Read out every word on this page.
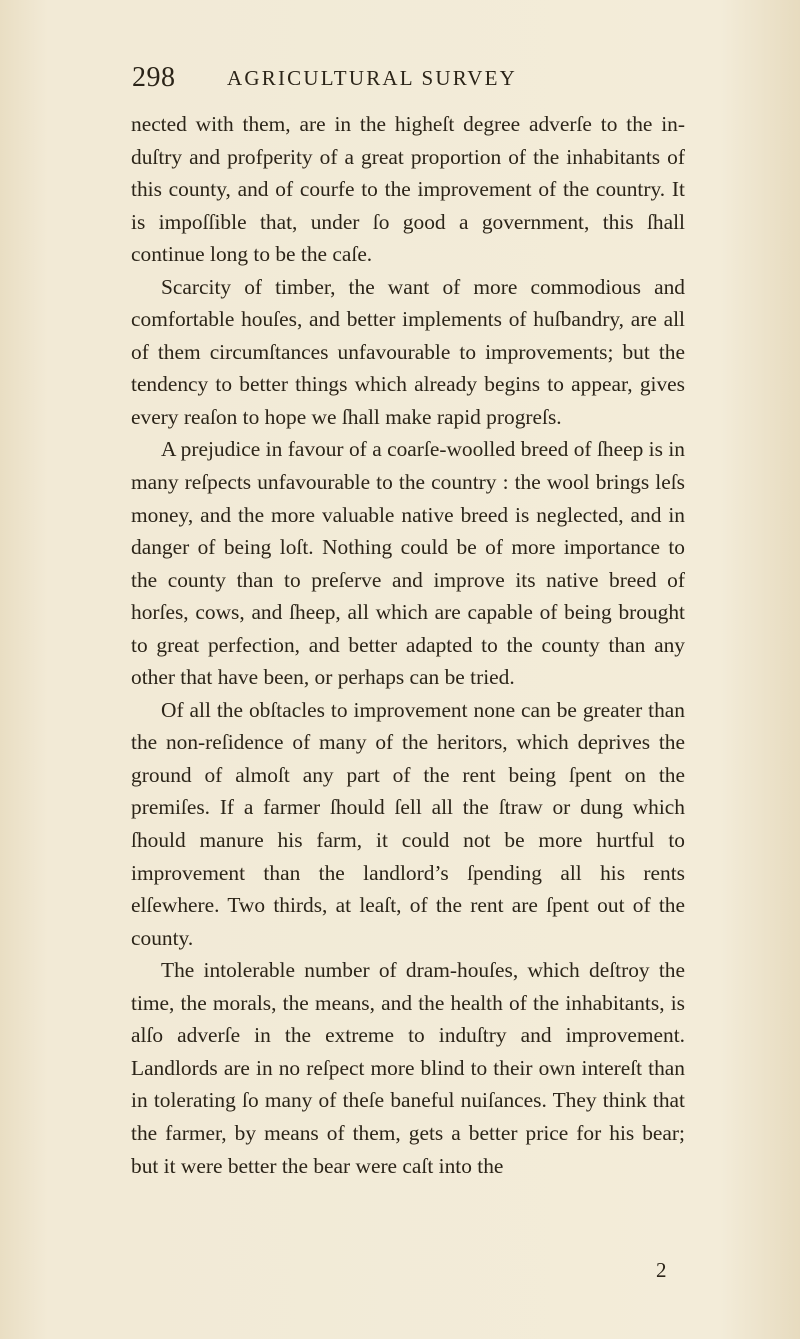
298 AGRICULTURAL SURVEY

nected with them, are in the higheſt degree adverſe to the induſtry and profperity of a great proportion of the inhabitants of this county, and of courfe to the improvement of the country. It is impoſſible that, under ſo good a government, this ſhall continue long to be the caſe.

Scarcity of timber, the want of more commodious and comfortable houſes, and better implements of huſbandry, are all of them circumſtances unfavourable to improvements; but the tendency to better things which already begins to appear, gives every reaſon to hope we ſhall make rapid progreſs.

A prejudice in favour of a coarſe-woolled breed of ſheep is in many reſpects unfavourable to the country : the wool brings leſs money, and the more valuable native breed is neglected, and in danger of being loſt. Nothing could be of more importance to the county than to preſerve and improve its native breed of horſes, cows, and ſheep, all which are capable of being brought to great perfection, and better adapted to the county than any other that have been, or perhaps can be tried.

Of all the obſtacles to improvement none can be greater than the non-reſidence of many of the heritors, which deprives the ground of almoſt any part of the rent being ſpent on the premiſes. If a farmer ſhould ſell all the ſtraw or dung which ſhould manure his farm, it could not be more hurtful to improvement than the landlord’s ſpending all his rents elſewhere. Two thirds, at leaſt, of the rent are ſpent out of the county.

The intolerable number of dram-houſes, which deſtroy the time, the morals, the means, and the health of the inhabitants, is alſo adverſe in the extreme to induſtry and improvement. Landlords are in no reſpect more blind to their own intereſt than in tolerating ſo many of theſe baneful nuiſances. They think that the farmer, by means of them, gets a better price for his bear; but it were better the bear were caſt into the

2
